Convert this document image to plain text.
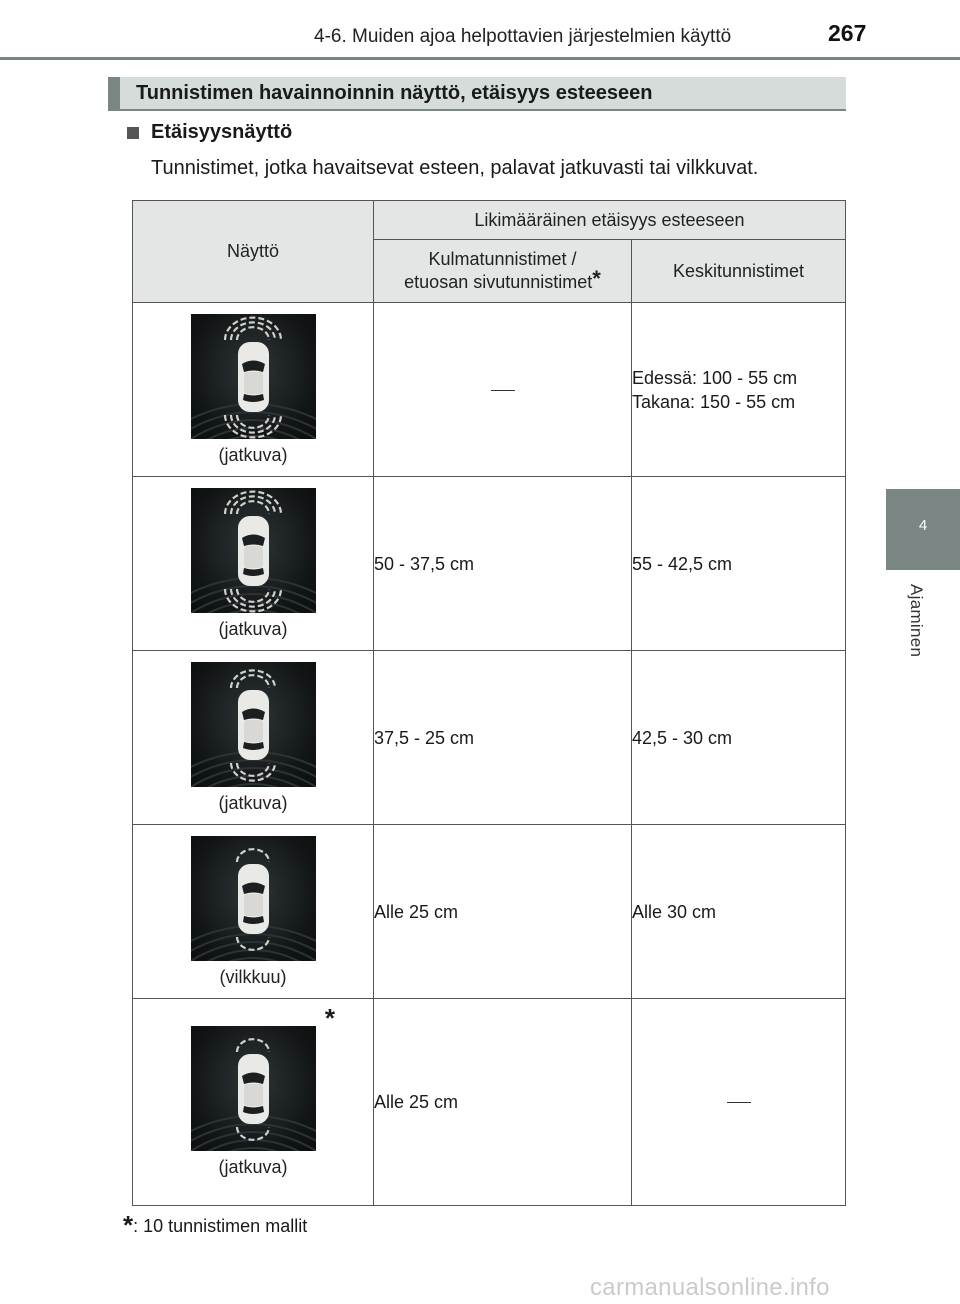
4-6. Muiden ajoa helpottavien järjestelmien käyttö	267
4
Ajaminen
Tunnistimen havainnoinnin näyttö, etäisyys esteeseen
Etäisyysnäyttö
Tunnistimet, jotka havaitsevat esteen, palavat jatkuvasti tai vilkkuvat.
Näyttö	Likimääräinen etäisyys esteeseen	
	Kulmatunnistimet /
etuosan sivutunnistimet*	Keskitunnistimet

(jatkuva)		Edessä: 100 - 55 cm
Takana: 150 - 55 cm

(jatkuva)	50 - 37,5 cm	55 - 42,5 cm

(jatkuva)	37,5 - 25 cm	42,5 - 30 cm

(vilkkuu)	Alle 25 cm	Alle 30 cm

*
(jatkuva)	Alle 25 cm	
*: 10 tunnistimen mallit
carmanualsonline.info
